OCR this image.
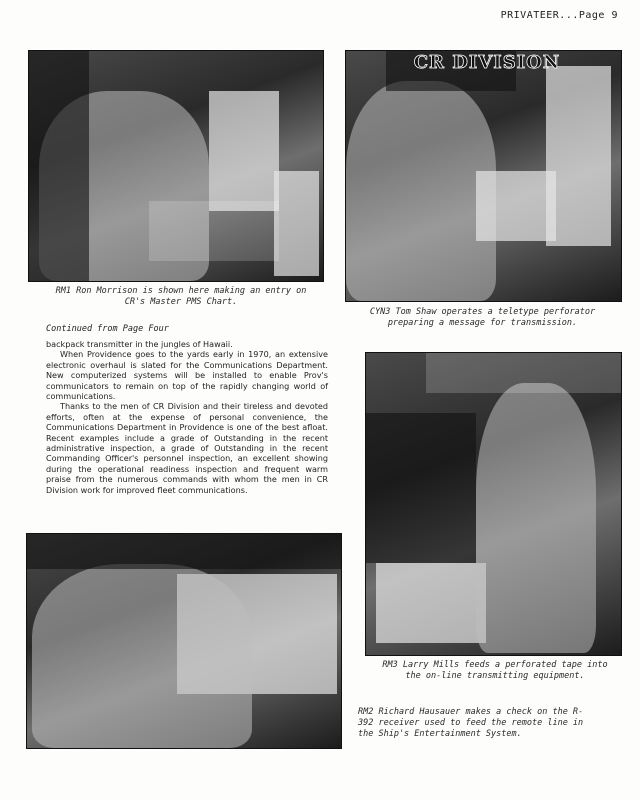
PRIVATEER...Page 9
RM1 Ron Morrison is shown here making an entry on CR's Master PMS Chart.
CR DIVISION
CYN3 Tom Shaw operates a teletype perforator preparing a message for transmission.
Continued from Page Four

backpack transmitter in the jungles of Hawaii.

When Providence goes to the yards early in 1970, an extensive electronic overhaul is slated for the Communications Department. New computerized systems will be installed to enable Prov's communicators to remain on top of the rapidly changing world of communications.

Thanks to the men of CR Division and their tireless and devoted efforts, often at the expense of personal convenience, the Communications Department in Providence is one of the best afloat. Recent examples include a grade of Outstanding in the recent administrative inspection, a grade of Outstanding in the recent Commanding Officer's personnel inspection, an excellent showing during the operational readiness inspection and frequent warm praise from the numerous commands with whom the men in CR Division work for improved fleet communications.

RM3 Larry Mills feeds a perforated tape into the on-line transmitting equipment.
RM2 Richard Hausauer makes a check on the R-392 receiver used to feed the remote line in the Ship's Entertainment System.
